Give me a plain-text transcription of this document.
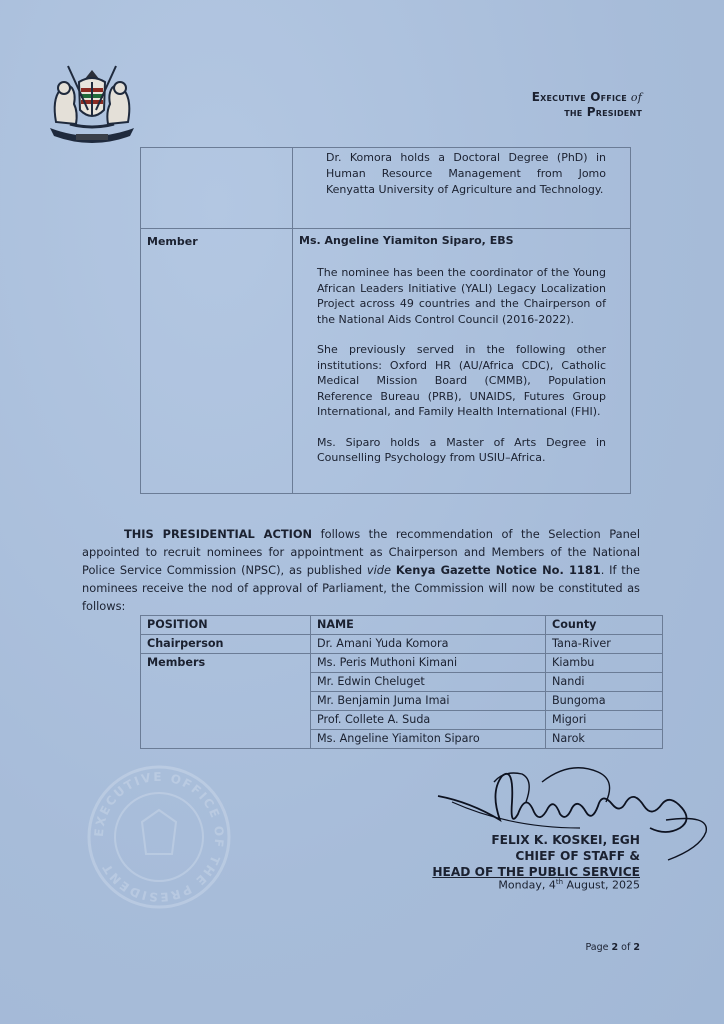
Executive Office of
the President

	Dr. Komora holds a Doctoral Degree (PhD) in Human Resource Management from Jomo Kenyatta University of Agriculture and Technology.

Member	Ms. Angeline Yiamiton Siparo, EBS

The nominee has been the coordinator of the Young African Leaders Initiative (YALI) Legacy Localization Project across 49 countries and the Chairperson of the National Aids Control Council (2016-2022).

She previously served in the following other institutions: Oxford HR (AU/Africa CDC), Catholic Medical Mission Board (CMMB), Population Reference Bureau (PRB), UNAIDS, Futures Group International, and Family Health International (FHI).

Ms. Siparo holds a Master of Arts Degree in Counselling Psychology from USIU–Africa.

THIS PRESIDENTIAL ACTION follows the recommendation of the Selection Panel appointed to recruit nominees for appointment as Chairperson and Members of the National Police Service Commission (NPSC), as published vide Kenya Gazette Notice No. 1181. If the nominees receive the nod of approval of Parliament, the Commission will now be constituted as follows:

POSITION	NAME	County
Chairperson	Dr. Amani Yuda Komora	Tana-River
Members	Ms. Peris Muthoni Kimani	Kiambu
	Mr. Edwin Cheluget	Nandi
	Mr. Benjamin Juma Imai	Bungoma
	Prof. Collete A. Suda	Migori
	Ms. Angeline Yiamiton Siparo	Narok
EXECUTIVE OFFICE OF THE PRESIDENT
FELIX K. KOSKEI, EGH
CHIEF OF STAFF &
HEAD OF THE PUBLIC SERVICE
Monday, 4th August, 2025
Page 2 of 2
